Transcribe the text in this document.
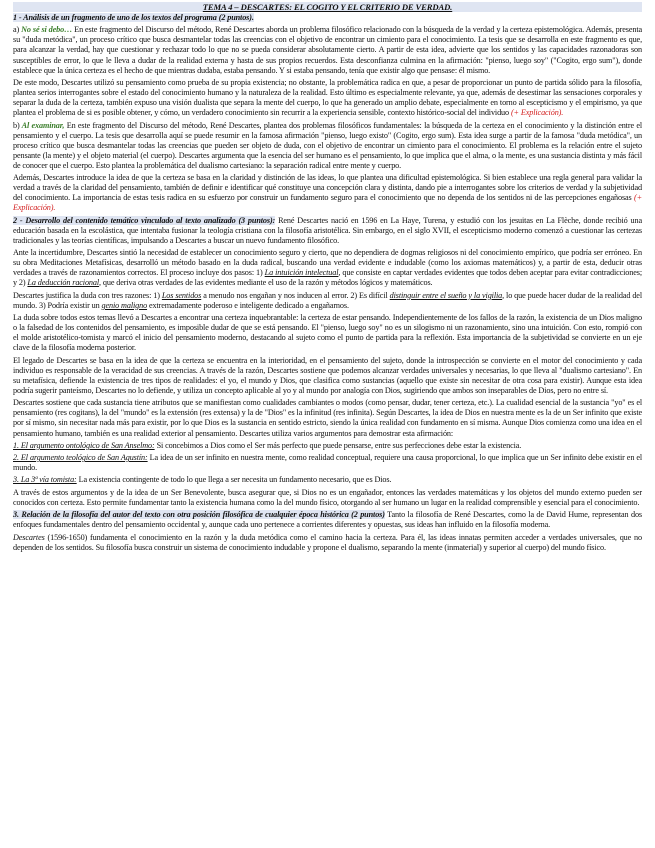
TEMA 4 – DESCARTES: EL COGITO Y EL CRITERIO DE VERDAD.
1 - Análisis de un fragmento de uno de los textos del programa (2 puntos).
a) No sé si debo… En este fragmento del Discurso del método, René Descartes aborda un problema filosófico relacionado con la búsqueda de la verdad y la certeza epistemológica. Además, presenta su "duda metódica", un proceso crítico que busca desmantelar todas las creencias con el objetivo de encontrar un cimiento para el conocimiento. La tesis que se desarrolla en este fragmento es que, para alcanzar la verdad, hay que cuestionar y rechazar todo lo que no se pueda considerar absolutamente cierto. A partir de esta idea, advierte que los sentidos y las capacidades razonadoras son susceptibles de error, lo que le lleva a dudar de la realidad externa y hasta de sus propios recuerdos. Esta desconfianza culmina en la afirmación: "pienso, luego soy" ("Cogito, ergo sum"), donde establece que la única certeza es el hecho de que mientras dudaba, estaba pensando. Y si estaba pensando, tenía que existir algo que pensase: él mismo.
De este modo, Descartes utilizó su pensamiento como prueba de su propia existencia; no obstante, la problemática radica en que, a pesar de proporcionar un punto de partida sólido para la filosofía, plantea serios interrogantes sobre el estado del conocimiento humano y la naturaleza de la realidad. Esto último es especialmente relevante, ya que, además de desestimar las sensaciones corporales y separar la duda de la certeza, también expuso una visión dualista que separa la mente del cuerpo, lo que ha generado un amplio debate, especialmente en torno al escepticismo y el empirismo, ya que plantea el problema de si es posible obtener, y cómo, un verdadero conocimiento sin recurrir a la experiencia sensible, contexto histórico-social del individuo (+ Explicación).
b) Al examinar, En este fragmento del Discurso del método, René Descartes, plantea dos problemas filosóficos fundamentales: la búsqueda de la certeza en el conocimiento y la distinción entre el pensamiento y el cuerpo. La tesis que desarrolla aquí se puede resumir en la famosa afirmación "pienso, luego existo" (Cogito, ergo sum). Esta idea surge a partir de la famosa "duda metódica", un proceso crítico que busca desmantelar todas las creencias que pueden ser objeto de duda, con el objetivo de encontrar un cimiento para el conocimiento. El problema es la relación entre el sujeto pensante (la mente) y el objeto material (el cuerpo). Descartes argumenta que la esencia del ser humano es el pensamiento, lo que implica que el alma, o la mente, es una sustancia distinta y más fácil de conocer que el cuerpo. Esto plantea la problemática del dualismo cartesiano: la separación radical entre mente y cuerpo.
Además, Descartes introduce la idea de que la certeza se basa en la claridad y distinción de las ideas, lo que plantea una dificultad epistemológica. Si bien establece una regla general para validar la verdad a través de la claridad del pensamiento, también de definir e identificar qué constituye una concepción clara y distinta, dando pie a interrogantes sobre los criterios de verdad y la subjetividad del conocimiento. La importancia de estas tesis radica en su esfuerzo por construir un fundamento seguro para el conocimiento que no dependa de los sentidos ni de las percepciones engañosas (+ Explicación).
2 - Desarrollo del contenido temático vinculado al texto analizado (3 puntos): René Descartes nació en 1596 en La Haye, Turena, y estudió con los jesuitas en La Flèche, donde recibió una educación basada en la escolástica, que intentaba fusionar la teología cristiana con la filosofía aristotélica. Sin embargo, en el siglo XVII, el escepticismo moderno comenzó a cuestionar las certezas tradicionales y las teorías científicas, impulsando a Descartes a buscar un nuevo fundamento filosófico.
Ante la incertidumbre, Descartes sintió la necesidad de establecer un conocimiento seguro y cierto, que no dependiera de dogmas religiosos ni del conocimiento empírico, que podría ser erróneo. En su obra Meditaciones Metafísicas, desarrolló un método basado en la duda radical, buscando una verdad evidente e indudable (como los axiomas matemáticos) y, a partir de esta, deducir otras verdades a través de razonamientos correctos. El proceso incluye dos pasos: 1) La intuición intelectual, que consiste en captar verdades evidentes que todos deben aceptar para evitar contradicciones; y 2) La deducción racional, que deriva otras verdades de las evidentes mediante el uso de la razón y métodos lógicos y matemáticos.
Descartes justifica la duda con tres razones: 1) Los sentidos a menudo nos engañan y nos inducen al error. 2) Es difícil distinguir entre el sueño y la vigilia, lo que puede hacer dudar de la realidad del mundo. 3) Podría existir un genio maligno extremadamente poderoso e inteligente dedicado a engañarnos.
La duda sobre todos estos temas llevó a Descartes a encontrar una certeza inquebrantable: la certeza de estar pensando. Independientemente de los fallos de la razón, la existencia de un Dios maligno o la falsedad de los contenidos del pensamiento, es imposible dudar de que se está pensando. El "pienso, luego soy" no es un silogismo ni un razonamiento, sino una intuición. Con esto, rompió con el molde aristotélico-tomista y marcó el inicio del pensamiento moderno, destacando al sujeto como el punto de partida para la reflexión. Esta importancia de la subjetividad se convierte en un eje clave de la filosofía moderna posterior.
El legado de Descartes se basa en la idea de que la certeza se encuentra en la interioridad, en el pensamiento del sujeto, donde la introspección se convierte en el motor del conocimiento y cada individuo es responsable de la veracidad de sus creencias. A través de la razón, Descartes sostiene que podemos alcanzar verdades universales y necesarias, lo que lleva al "dualismo cartesiano". En su metafísica, defiende la existencia de tres tipos de realidades: el yo, el mundo y Dios, que clasifica como sustancias (aquello que existe sin necesitar de otra cosa para existir). Aunque esta idea podría sugerir panteísmo, Descartes no lo defiende, y utiliza un concepto aplicable al yo y al mundo por analogía con Dios, sugiriendo que ambos son inseparables de Dios, pero no entre sí.
Descartes sostiene que cada sustancia tiene atributos que se manifiestan como cualidades cambiantes o modos (como pensar, dudar, tener certeza, etc.). La cualidad esencial de la sustancia "yo" es el pensamiento (res cogitans), la del "mundo" es la extensión (res extensa) y la de "Dios" es la infinitud (res infinita). Según Descartes, la idea de Dios en nuestra mente es la de un Ser infinito que existe por sí mismo, sin necesitar nada más para existir, por lo que Dios es la sustancia en sentido estricto, siendo la única realidad con fundamento en sí misma. Aunque Dios comienza como una idea en el pensamiento humano, también es una realidad exterior al pensamiento. Descartes utiliza varios argumentos para demostrar esta afirmación:
1. El argumento ontológico de San Anselmo: Si concebimos a Dios como el Ser más perfecto que puede pensarse, entre sus perfecciones debe estar la existencia.
2. El argumento teológico de San Agustín: La idea de un ser infinito en nuestra mente, como realidad conceptual, requiere una causa proporcional, lo que implica que un Ser infinito debe existir en el mundo.
3. La 3ª vía tomista: La existencia contingente de todo lo que llega a ser necesita un fundamento necesario, que es Dios.
A través de estos argumentos y de la idea de un Ser Benevolente, busca asegurar que, si Dios no es un engañador, entonces las verdades matemáticas y los objetos del mundo externo pueden ser conocidos con certeza. Esto permite fundamentar tanto la existencia humana como la del mundo físico, otorgando al ser humano un lugar en la realidad comprensible y esencial para el conocimiento.
3. Relación de la filosofía del autor del texto con otra posición filosófica de cualquier época histórica (2 puntos) Tanto la filosofía de René Descartes, como la de David Hume, representan dos enfoques fundamentales dentro del pensamiento occidental y, aunque cada uno pertenece a corrientes diferentes y opuestas, sus ideas han influido en la filosofía moderna.
Descartes (1596-1650) fundamenta el conocimiento en la razón y la duda metódica como el camino hacia la certeza. Para él, las ideas innatas permiten acceder a verdades universales, que no dependen de los sentidos. Su filosofía busca construir un sistema de conocimiento indudable y propone el dualismo, separando la mente (inmaterial) y superior al cuerpo) del mundo físico.
